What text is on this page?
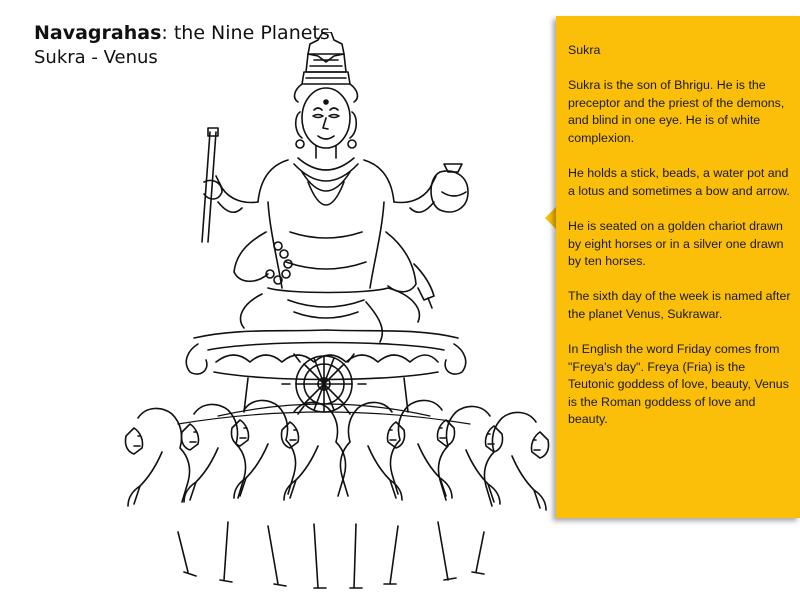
Navagrahas: the Nine Planets
Sukra - Venus	Sukra

Sukra is the son of Bhrigu. He is the preceptor and the priest of the demons, and blind in one eye. He is of white complexion.

He holds a stick, beads, a water pot and a lotus and sometimes a bow and arrow.

He is seated on a golden chariot drawn by eight horses or in a silver one drawn by ten horses.

The sixth day of the week is named after the planet Venus, Sukrawar.

In English the word Friday comes from "Freya's day". Freya (Fria) is the Teutonic goddess of love, beauty, Venus is the Roman goddess of love and beauty.
